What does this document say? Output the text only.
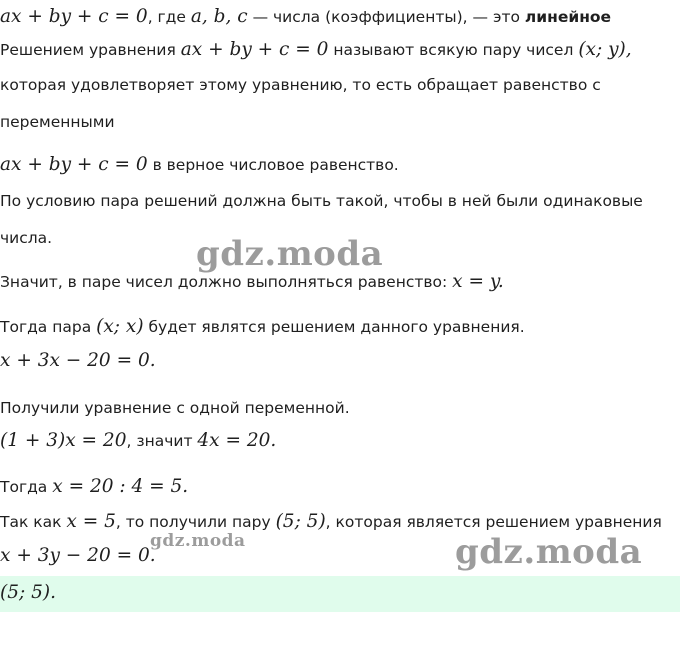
ax + by + c = 0, где a, b, c — числа (коэффициенты), — это линейное
Решением уравнения ax + by + c = 0 называют всякую пару чисел (x; y),
которая удовлетворяет этому уравнению, то есть обращает равенство с
переменными
ax + by + c = 0 в верное числовое равенство.
По условию пара решений должна быть такой, чтобы в ней были одинаковые
числа.
Значит, в паре чисел должно выполняться равенство: x = y.
Тогда пара (x; x) будет являтся решением данного уравнения.
x + 3x − 20 = 0.
Получили уравнение с одной переменной.
(1 + 3)x = 20, значит 4x = 20.
Тогда x = 20 : 4 = 5.
Так как x = 5, то получили пару (5; 5), которая является решением уравнения
x + 3y − 20 = 0.
(5; 5).
gdz.moda
gdz.moda	gdz.moda
